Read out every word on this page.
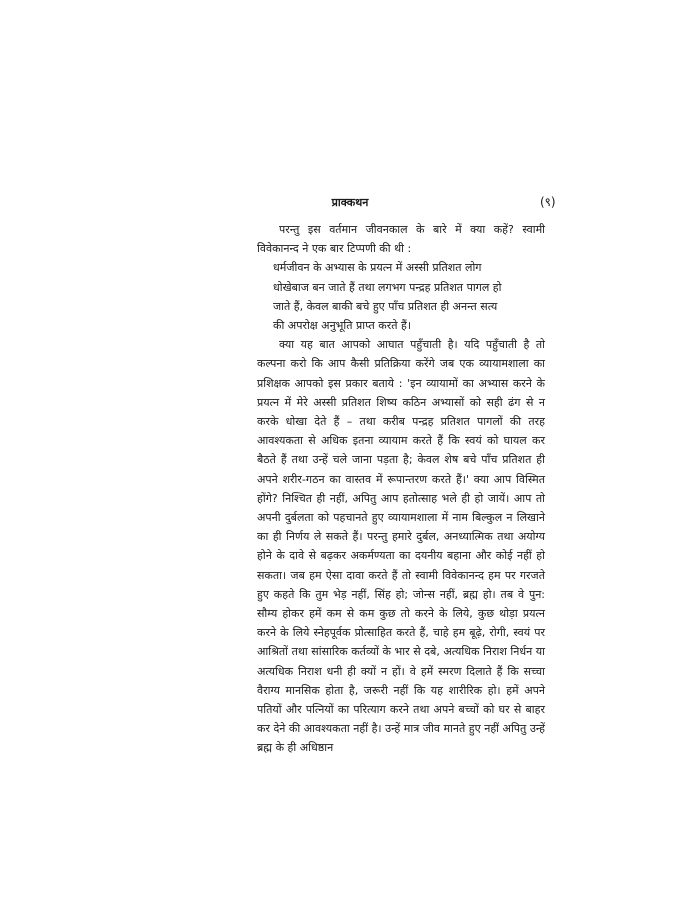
प्राक्कथन	(९)

परन्तु इस वर्तमान जीवनकाल के बारे में क्या कहें? स्वामी विवेकानन्द ने एक बार टिप्पणी की थी :

धर्मजीवन के अभ्यास के प्रयत्न में अस्सी प्रतिशत लोग
धोखेबाज बन जाते हैं तथा लगभग पन्द्रह प्रतिशत पागल हो
जाते हैं, केवल बाकी बचे हुए पाँच प्रतिशत ही अनन्त सत्य
की अपरोक्ष अनुभूति प्राप्त करते हैं।

क्या यह बात आपको आघात पहुँचाती है। यदि पहुँचाती है तो कल्पना करो कि आप कैसी प्रतिक्रिया करेंगे जब एक व्यायामशाला का प्रशिक्षक आपको इस प्रकार बताये : 'इन व्यायामों का अभ्यास करने के प्रयत्न में मेरे अस्सी प्रतिशत शिष्य कठिन अभ्यासों को सही ढंग से न करके धोखा देते हैं – तथा करीब पन्द्रह प्रतिशत पागलों की तरह आवश्यकता से अधिक इतना व्यायाम करते हैं कि स्वयं को घायल कर बैठते हैं तथा उन्हें चले जाना पड़ता है; केवल शेष बचे पाँच प्रतिशत ही अपने शरीर-गठन का वास्तव में रूपान्तरण करते हैं।' क्या आप विस्मित होंगे? निश्चित ही नहीं, अपितु आप हतोत्साह भले ही हो जायें। आप तो अपनी दुर्बलता को पहचानते हुए व्यायामशाला में नाम बिल्कुल न लिखाने का ही निर्णय ले सकते हैं। परन्तु हमारे दुर्बल, अनध्यात्मिक तथा अयोग्य होने के दावे से बढ़कर अकर्मण्यता का दयनीय बहाना और कोई नहीं हो सकता। जब हम ऐसा दावा करते हैं तो स्वामी विवेकानन्द हम पर गरजते हुए कहते कि तुम भेड़ नहीं, सिंह हो; जोन्स नहीं, ब्रह्म हो। तब वे पुन: सौम्य होकर हमें कम से कम कुछ तो करने के लिये, कुछ थोड़ा प्रयत्न करने के लिये स्नेहपूर्वक प्रोत्साहित करते हैं, चाहे हम बूढ़े, रोगी, स्वयं पर आश्रितों तथा सांसारिक कर्तव्यों के भार से दबे, अत्यधिक निराश निर्धन या अत्यधिक निराश धनी ही क्यों न हों। वे हमें स्मरण दिलाते हैं कि सच्चा वैराग्य मानसिक होता है, जरूरी नहीं कि यह शारीरिक हो। हमें अपने पतियों और पत्नियों का परित्याग करने तथा अपने बच्चों को घर से बाहर कर देने की आवश्यकता नहीं है। उन्हें मात्र जीव मानते हुए नहीं अपितु उन्हें ब्रह्म के ही अधिष्ठान
